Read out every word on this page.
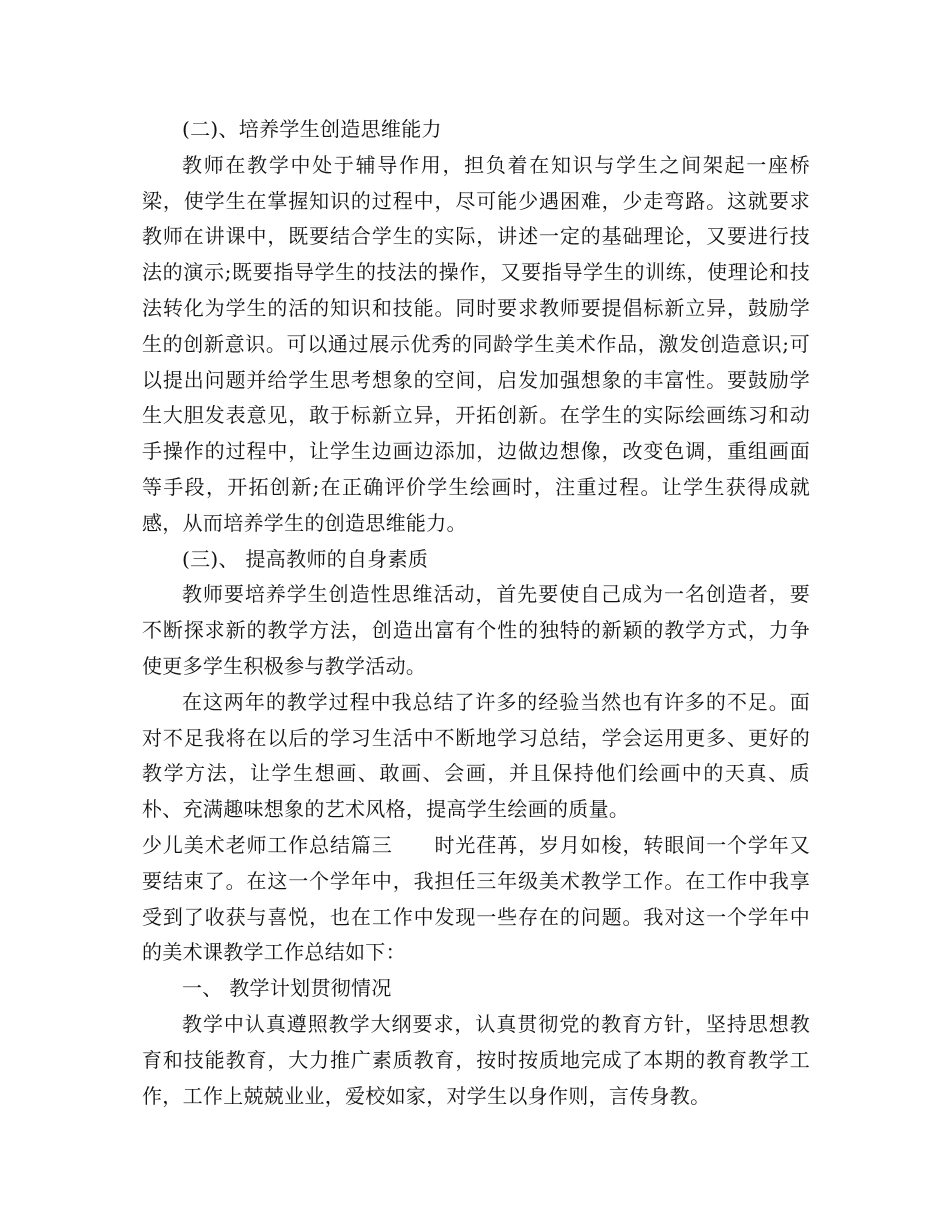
(二)、培养学生创造思维能力

教师在教学中处于辅导作用，担负着在知识与学生之间架起一座桥梁，使学生在掌握知识的过程中，尽可能少遇困难，少走弯路。这就要求教师在讲课中，既要结合学生的实际，讲述一定的基础理论，又要进行技法的演示;既要指导学生的技法的操作，又要指导学生的训练，使理论和技法转化为学生的活的知识和技能。同时要求教师要提倡标新立异，鼓励学生的创新意识。可以通过展示优秀的同龄学生美术作品，激发创造意识;可以提出问题并给学生思考想象的空间，启发加强想象的丰富性。要鼓励学生大胆发表意见，敢于标新立异，开拓创新。在学生的实际绘画练习和动手操作的过程中，让学生边画边添加，边做边想像，改变色调，重组画面等手段，开拓创新;在正确评价学生绘画时，注重过程。让学生获得成就感，从而培养学生的创造思维能力。

(三)、 提高教师的自身素质

教师要培养学生创造性思维活动，首先要使自己成为一名创造者，要不断探求新的教学方法，创造出富有个性的独特的新颖的教学方式，力争使更多学生积极参与教学活动。

在这两年的教学过程中我总结了许多的经验当然也有许多的不足。面对不足我将在以后的学习生活中不断地学习总结，学会运用更多、更好的教学方法，让学生想画、敢画、会画，并且保持他们绘画中的天真、质朴、充满趣味想象的艺术风格，提高学生绘画的质量。

少儿美术老师工作总结篇三　　时光荏苒，岁月如梭，转眼间一个学年又要结束了。在这一个学年中，我担任三年级美术教学工作。在工作中我享受到了收获与喜悦，也在工作中发现一些存在的问题。我对这一个学年中的美术课教学工作总结如下：

一、 教学计划贯彻情况

教学中认真遵照教学大纲要求，认真贯彻党的教育方针，坚持思想教育和技能教育，大力推广素质教育，按时按质地完成了本期的教育教学工作，工作上兢兢业业，爱校如家，对学生以身作则，言传身教。
